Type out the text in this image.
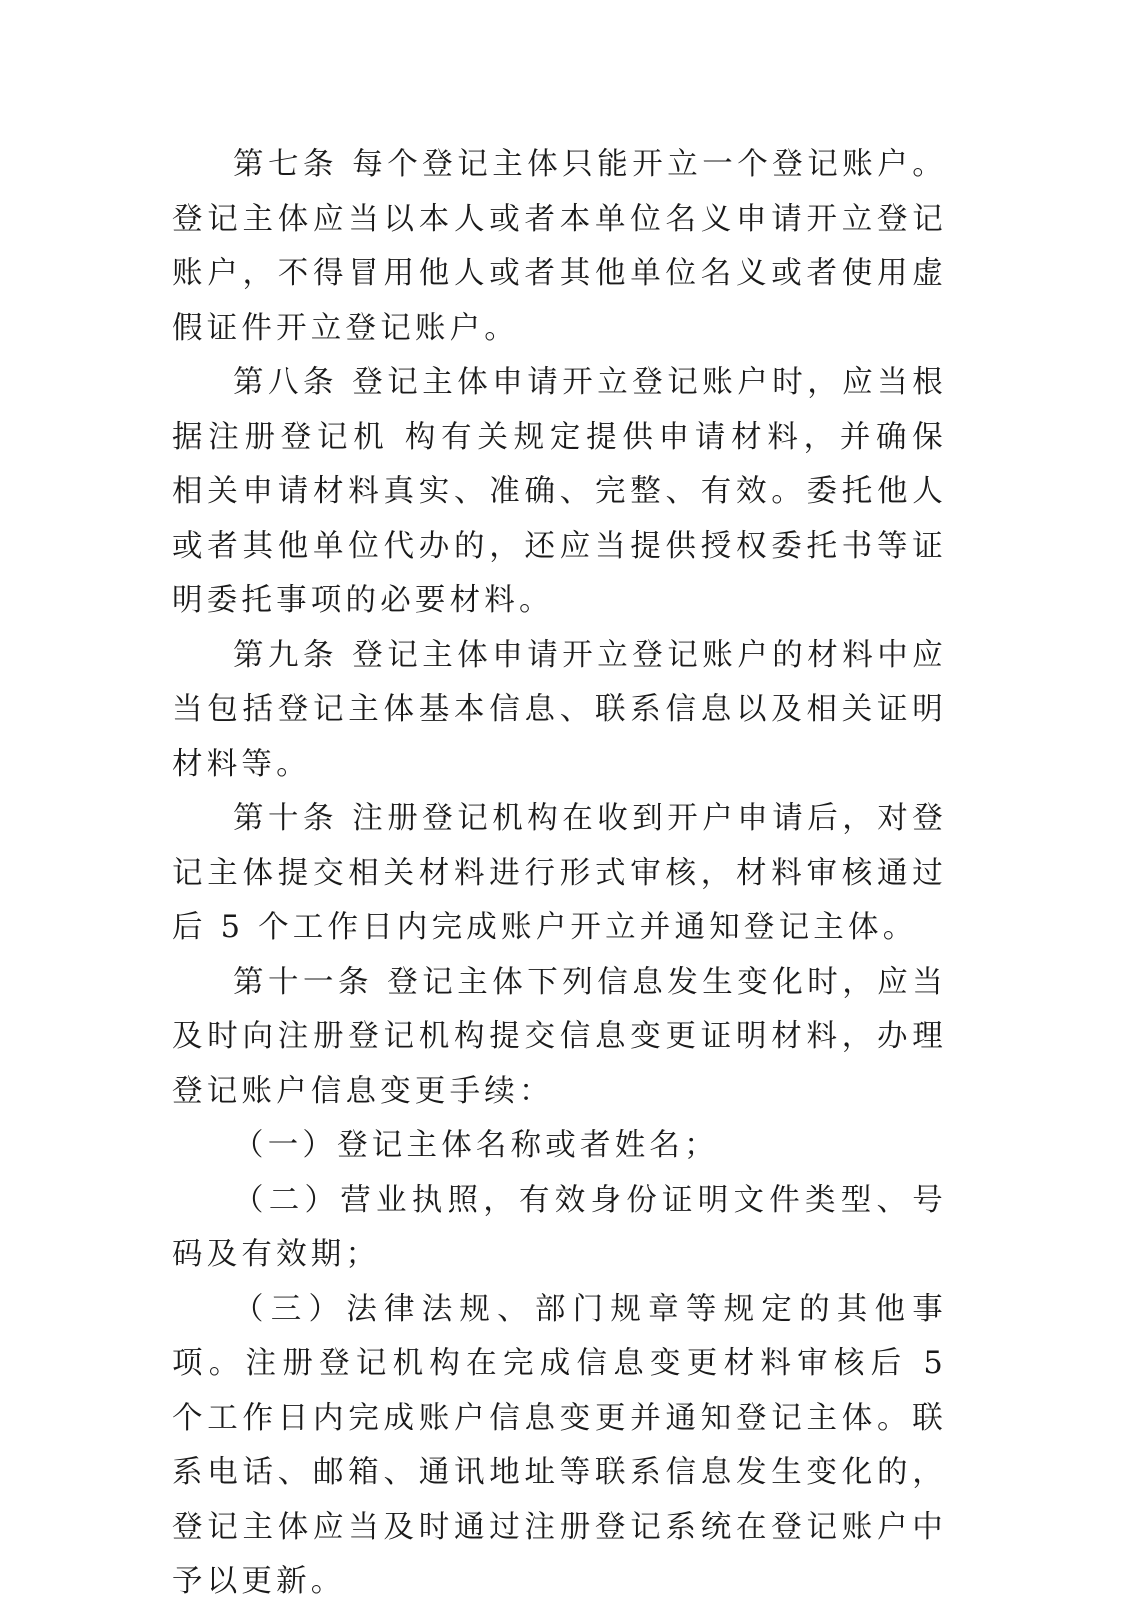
第七条 每个登记主体只能开立一个登记账户。登记主体应当以本人或者本单位名义申请开立登记账户，不得冒用他人或者其他单位名义或者使用虚假证件开立登记账户。

第八条 登记主体申请开立登记账户时，应当根据注册登记机 构有关规定提供申请材料，并确保相关申请材料真实、准确、完整、有效。委托他人或者其他单位代办的，还应当提供授权委托书等证明委托事项的必要材料。

第九条 登记主体申请开立登记账户的材料中应当包括登记主体基本信息、联系信息以及相关证明材料等。

第十条 注册登记机构在收到开户申请后，对登记主体提交相关材料进行形式审核，材料审核通过后 5 个工作日内完成账户开立并通知登记主体。

第十一条 登记主体下列信息发生变化时，应当及时向注册登记机构提交信息变更证明材料，办理登记账户信息变更手续：

（一）登记主体名称或者姓名；

（二）营业执照，有效身份证明文件类型、号码及有效期；

（三）法律法规、部门规章等规定的其他事项。注册登记机构在完成信息变更材料审核后 5 个工作日内完成账户信息变更并通知登记主体。联系电话、邮箱、通讯地址等联系信息发生变化的，登记主体应当及时通过注册登记系统在登记账户中予以更新。
